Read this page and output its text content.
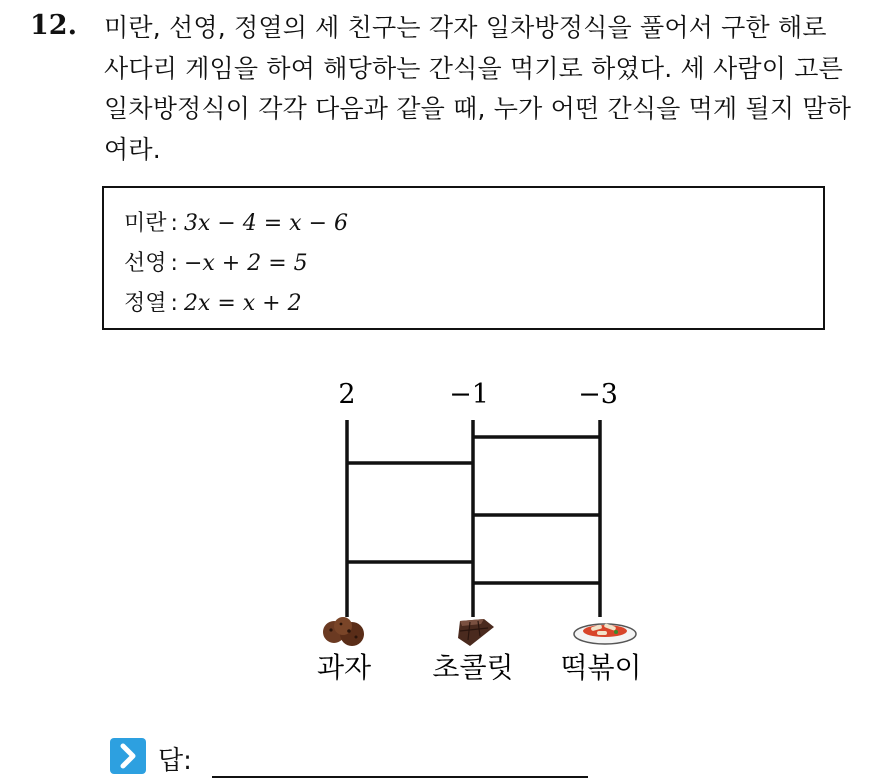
12. 미란, 선영, 정열의 세 친구는 각자 일차방정식을 풀어서 구한 해로
사다리 게임을 하여 해당하는 간식을 먹기로 하였다. 세 사람이 고른
일차방정식이 각각 다음과 같을 때, 누가 어떤 간식을 먹게 될지 말하
여라.
미란 : 3x − 4 = x − 6
선영 : −x + 2 = 5
정열 : 2x = x + 2
2	−1	−3
과자 초콜릿 떡볶이
답:
